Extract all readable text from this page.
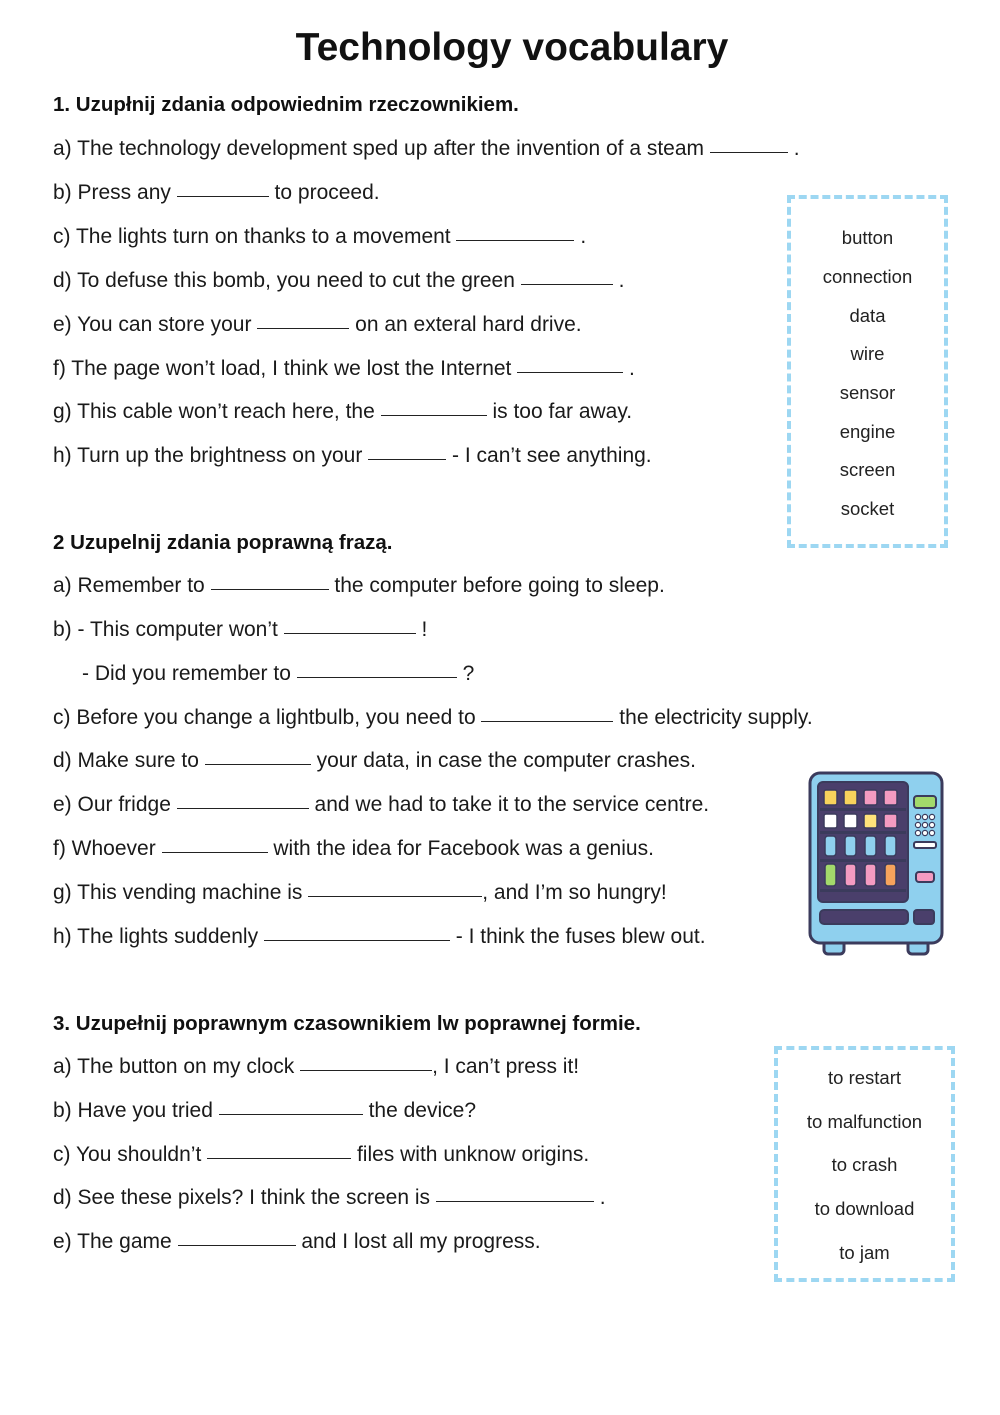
Technology vocabulary
1. Uzupłnij zdania odpowiednim rzeczownikiem.
a) The technology development sped up after the invention of a steam	.
b) Press any	to proceed.
c) The lights turn on thanks to a movement	.
d) To defuse this bomb, you need to cut the green	.
e) You can store your	on an exteral hard drive.
f) The page won’t load, I think we lost the Internet	.
g) This cable won’t reach here, the	is too far away.
h) Turn up the brightness on your	- I can’t see anything.
button
connection
data
wire
sensor
engine
screen
socket
2 Uzupelnij zdania poprawną frazą.
a) Remember to	the computer before going to sleep.
b) - This computer won’t	!
- Did you remember to	?
c) Before you change a lightbulb, you need to	the electricity supply.
d) Make sure to	your data, in case the computer crashes.
e) Our fridge	and we had to take it to the service centre.
f) Whoever	with the idea for Facebook was a genius.
g) This vending machine is	, and I’m so hungry!
h) The lights suddenly	- I think the fuses blew out.
3. Uzupełnij poprawnym czasownikiem lw poprawnej formie.
a) The button on my clock	, I can’t press it!
b) Have you tried	the device?
c) You shouldn’t	files with unknow origins.
d) See these pixels? I think the screen is	.
e) The game	and I lost all my progress.
to restart
to malfunction
to crash
to download
to jam
